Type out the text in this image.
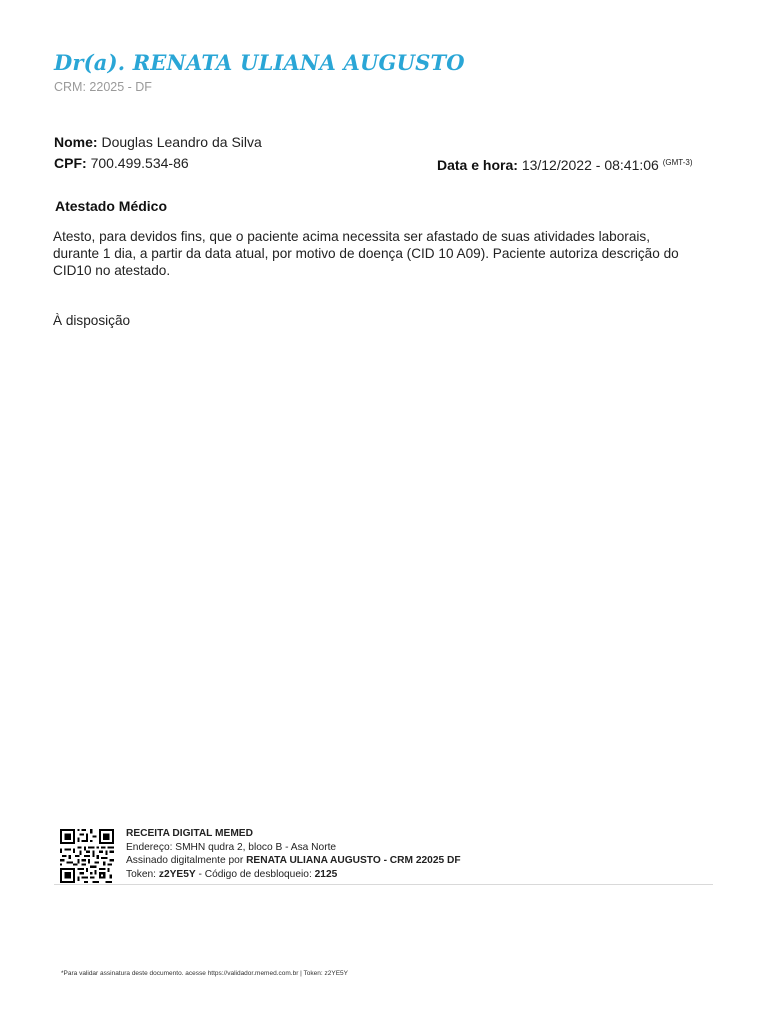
Dr(a). RENATA ULIANA AUGUSTO
CRM: 22025 - DF
Nome: Douglas Leandro da Silva
CPF: 700.499.534-86	Data e hora: 13/12/2022 - 08:41:06 $^{(GMT-3)}$
Atestado Médico

Atesto, para devidos fins, que o paciente acima necessita ser afastado de suas atividades laborais,

durante 1 dia, a partir da data atual, por motivo de doença (CID 10 A09). Paciente autoriza descrição do

CID10 no atestado.

À disposição
RECEITA DIGITAL MEMED
Endereço: SMHN qudra 2, bloco B - Asa Norte
Assinado digitalmente por RENATA ULIANA AUGUSTO - CRM 22025 DF
Token: z2YE5Y - Código de desbloqueio: 2125
*Para validar assinatura deste documento. acesse https://validador.memed.com.br | Token: z2YE5Y
